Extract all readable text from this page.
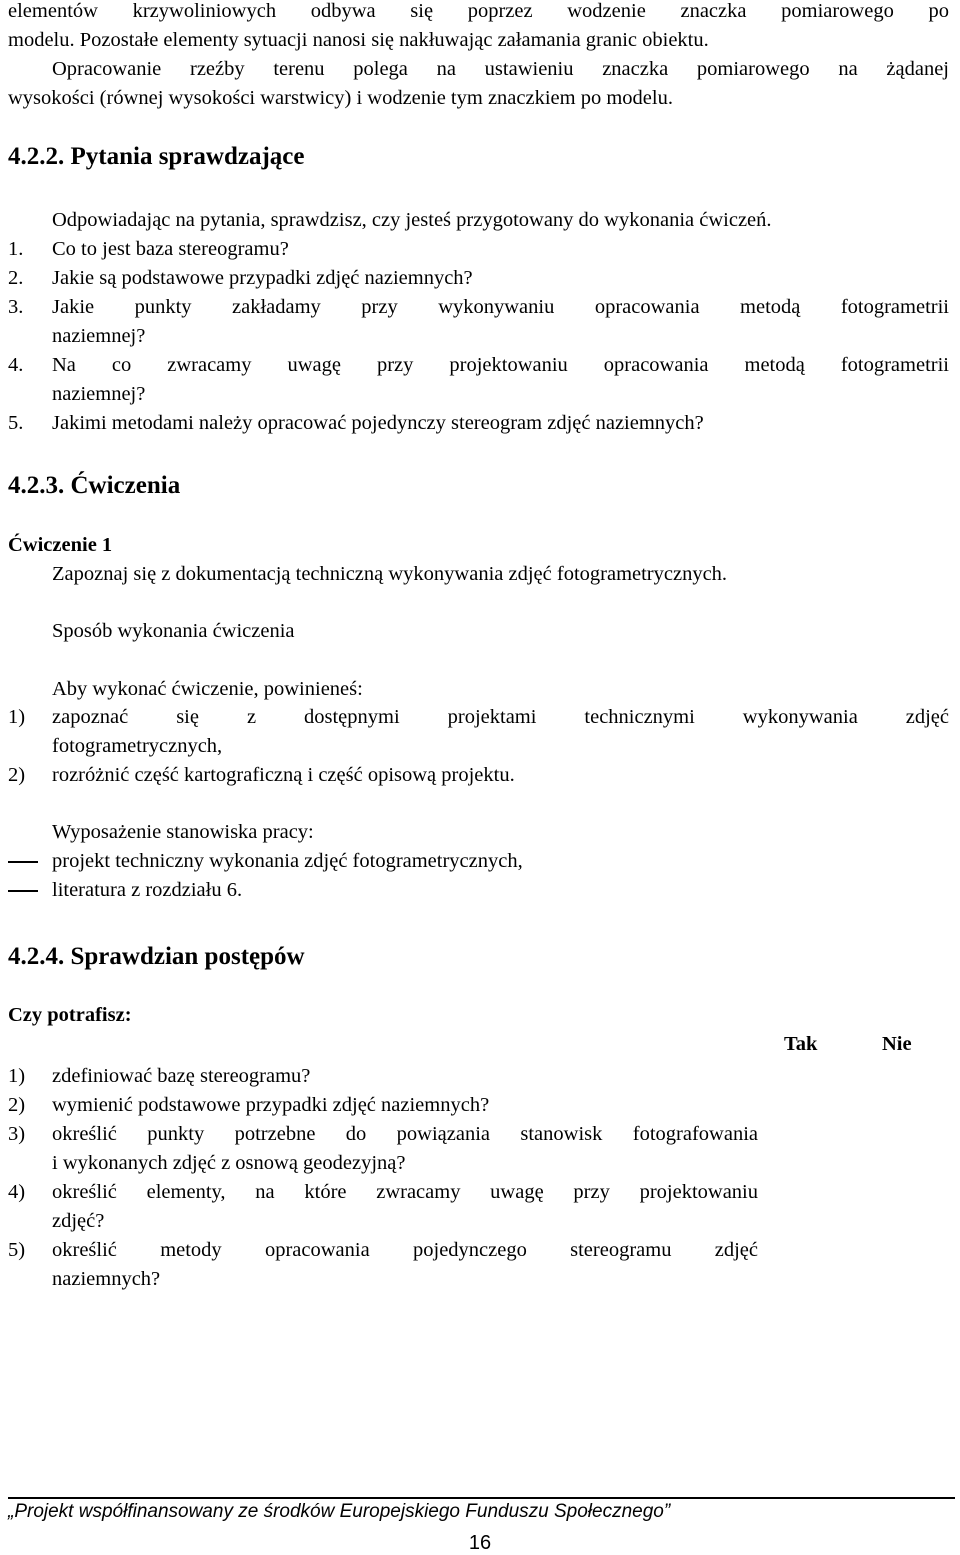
elementów krzywoliniowych odbywa się poprzez wodzenie znaczka pomiarowego po
modelu. Pozostałe elementy sytuacji nanosi się nakłuwając załamania granic obiektu.
Opracowanie rzeźby terenu polega na ustawieniu znaczka pomiarowego na żądanej
wysokości (równej wysokości warstwicy) i wodzenie tym znaczkiem po modelu.
4.2.2. Pytania sprawdzające
Odpowiadając na pytania, sprawdzisz, czy jesteś przygotowany do wykonania ćwiczeń.
1. Co to jest baza stereogramu?
2. Jakie są podstawowe przypadki zdjęć naziemnych?
3. Jakie punkty zakładamy przy wykonywaniu opracowania metodą fotogrametrii
naziemnej?
4. Na co zwracamy uwagę przy projektowaniu opracowania metodą fotogrametrii
naziemnej?
5. Jakimi metodami należy opracować pojedynczy stereogram zdjęć naziemnych?
4.2.3. Ćwiczenia
Ćwiczenie 1
Zapoznaj się z dokumentacją techniczną wykonywania zdjęć fotogrametrycznych.
Sposób wykonania ćwiczenia
Aby wykonać ćwiczenie, powinieneś:
1) zapoznać się z dostępnymi projektami technicznymi wykonywania zdjęć
fotogrametrycznych,
2) rozróżnić część kartograficzną i część opisową projektu.
Wyposażenie stanowiska pracy:
projekt techniczny wykonania zdjęć fotogrametrycznych,
literatura z rozdziału 6.
4.2.4. Sprawdzian postępów
Czy potrafisz:
Tak	Nie
1) zdefiniować bazę stereogramu?
2) wymienić podstawowe przypadki zdjęć naziemnych?
3) określić punkty potrzebne do powiązania stanowisk fotografowania
i wykonanych zdjęć z osnową geodezyjną?
4) określić elementy, na które zwracamy uwagę przy projektowaniu
zdjęć?
5) określić metody opracowania pojedynczego stereogramu zdjęć
naziemnych?
„Projekt współfinansowany ze środków Europejskiego Funduszu Społecznego”
16
